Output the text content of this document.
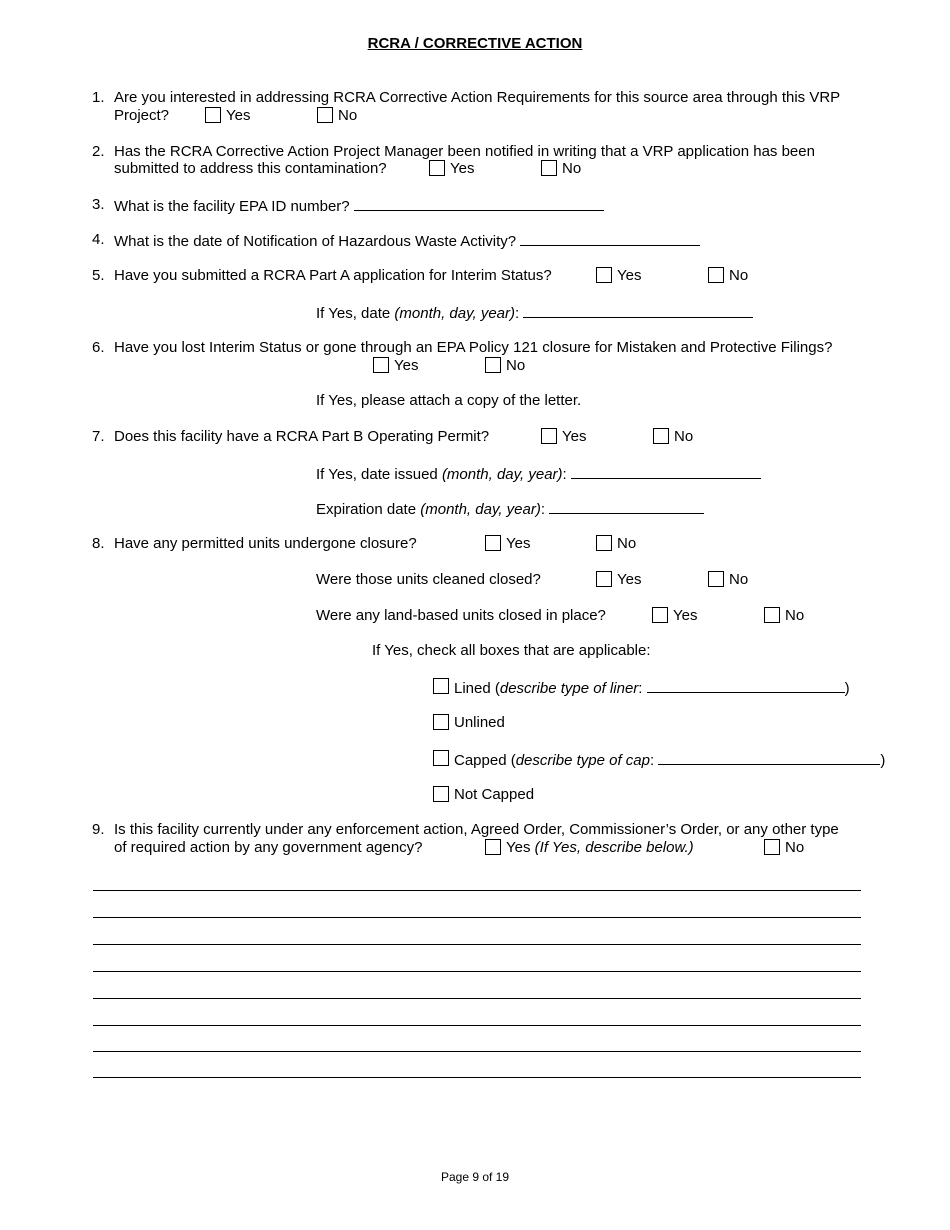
RCRA / CORRECTIVE ACTION
1. Are you interested in addressing RCRA Corrective Action Requirements for this source area through this VRP
Project?	Yes	No
2. Has the RCRA Corrective Action Project Manager been notified in writing that a VRP application has been
submitted to address this contamination?	Yes	No
3. What is the facility EPA ID number?
4. What is the date of Notification of Hazardous Waste Activity?
5. Have you submitted a RCRA Part A application for Interim Status?	Yes	No
If Yes, date (month, day, year):
6. Have you lost Interim Status or gone through an EPA Policy 121 closure for Mistaken and Protective Filings?
Yes	No
If Yes, please attach a copy of the letter.
7. Does this facility have a RCRA Part B Operating Permit?	Yes	No
If Yes, date issued (month, day, year):
Expiration date (month, day, year):
8. Have any permitted units undergone closure?	Yes	No
Were those units cleaned closed?	Yes	No
Were any land-based units closed in place?	Yes	No
If Yes, check all boxes that are applicable:
Lined (describe type of liner:	)
Unlined
Capped (describe type of cap:	)
Not Capped
9. Is this facility currently under any enforcement action, Agreed Order, Commissioner’s Order, or any other type
of required action by any government agency?	Yes (If Yes, describe below.)	No
Page 9 of 19
